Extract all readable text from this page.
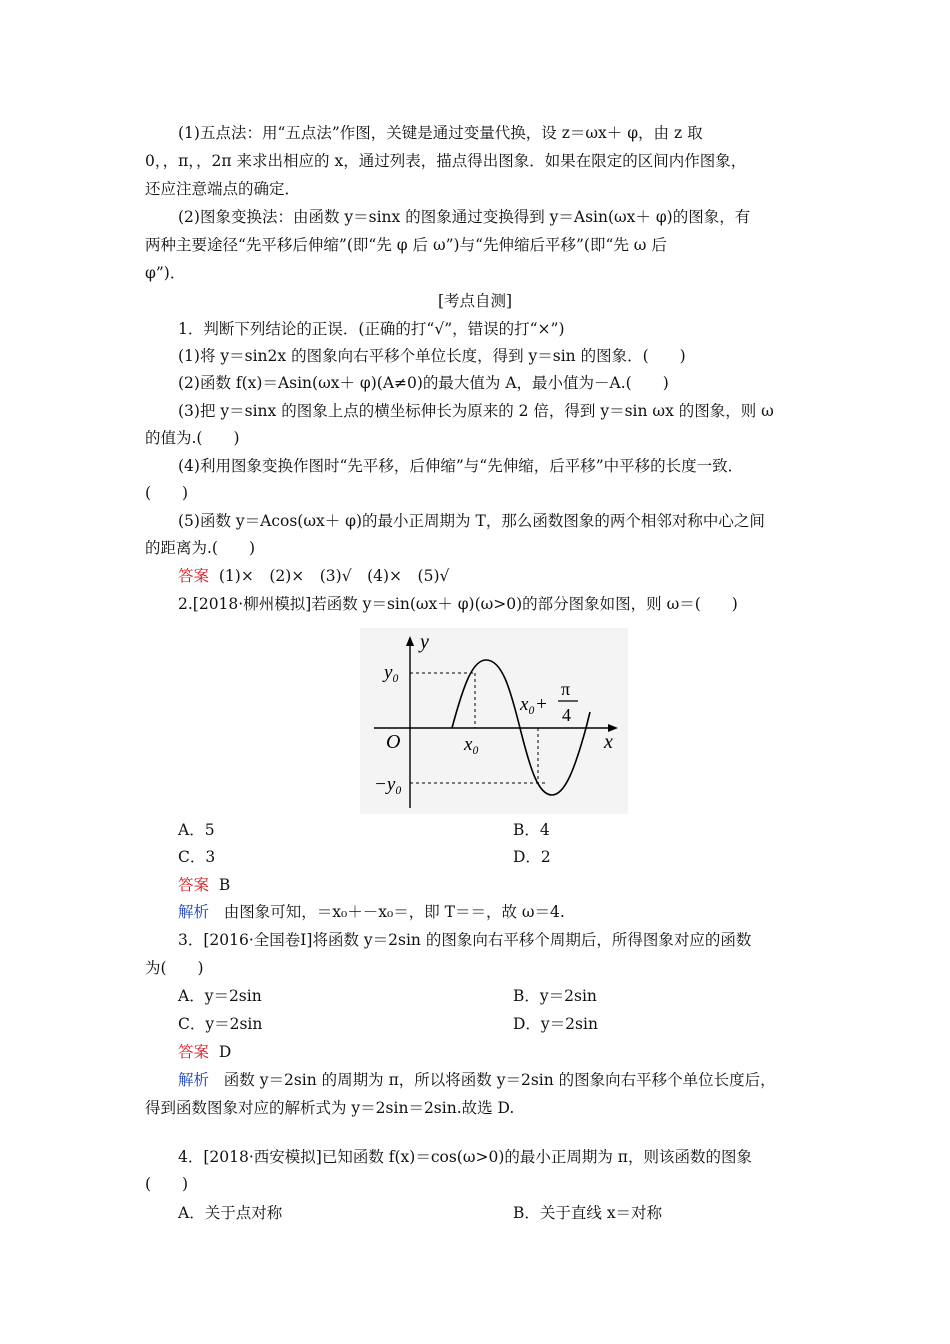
(1)五点法：用“五点法”作图，关键是通过变量代换，设 z＝ωx＋ φ，由 z 取
0，，π，，2π 来求出相应的 x，通过列表，描点得出图象．如果在限定的区间内作图象，
还应注意端点的确定．
(2)图象变换法：由函数 y＝sinx 的图象通过变换得到 y＝Asin(ωx＋ φ)的图象，有
两种主要途径“先平移后伸缩”(即“先 φ 后 ω”)与“先伸缩后平移”(即“先 ω 后
φ”)．
[考点自测]
1．判断下列结论的正误．(正确的打“√”，错误的打“×”)
(1)将 y＝sin2x 的图象向右平移个单位长度，得到 y＝sin 的图象．(　　)
(2)函数 f(x)＝Asin(ωx＋ φ)(A≠0)的最大值为 A，最小值为－A.(　　)
(3)把 y＝sinx 的图象上点的横坐标伸长为原来的 2 倍，得到 y＝sin ωx 的图象，则 ω
的值为.(　　)
(4)利用图象变换作图时“先平移，后伸缩”与“先伸缩，后平移”中平移的长度一致．
(　　)
(5)函数 y＝Acos(ωx＋ φ)的最小正周期为 T，那么函数图象的两个相邻对称中心之间
的距离为.(　　)
答案 (1)×　(2)×　(3)√　(4)×　(5)√
2.[2018·柳州模拟]若函数 y＝sin(ωx＋ φ)(ω>0)的部分图象如图，则 ω＝(　　)
y
x
O
y₀
−y₀
x₀
x₀+
π
4
A．5	B．4
C．3	D．2
答案 B
解析 由图象可知，＝x₀＋－x₀＝，即 T＝＝，故 ω＝4.
3．[2016·全国卷Ⅰ]将函数 y＝2sin 的图象向右平移个周期后，所得图象对应的函数
为(　　)
A．y＝2sin	B．y＝2sin
C．y＝2sin	D．y＝2sin
答案 D
解析 函数 y＝2sin 的周期为 π，所以将函数 y＝2sin 的图象向右平移个单位长度后，
得到函数图象对应的解析式为 y＝2sin＝2sin.故选 D.
4．[2018·西安模拟]已知函数 f(x)＝cos(ω>0)的最小正周期为 π，则该函数的图象
(　　)
A．关于点对称	B．关于直线 x＝对称
